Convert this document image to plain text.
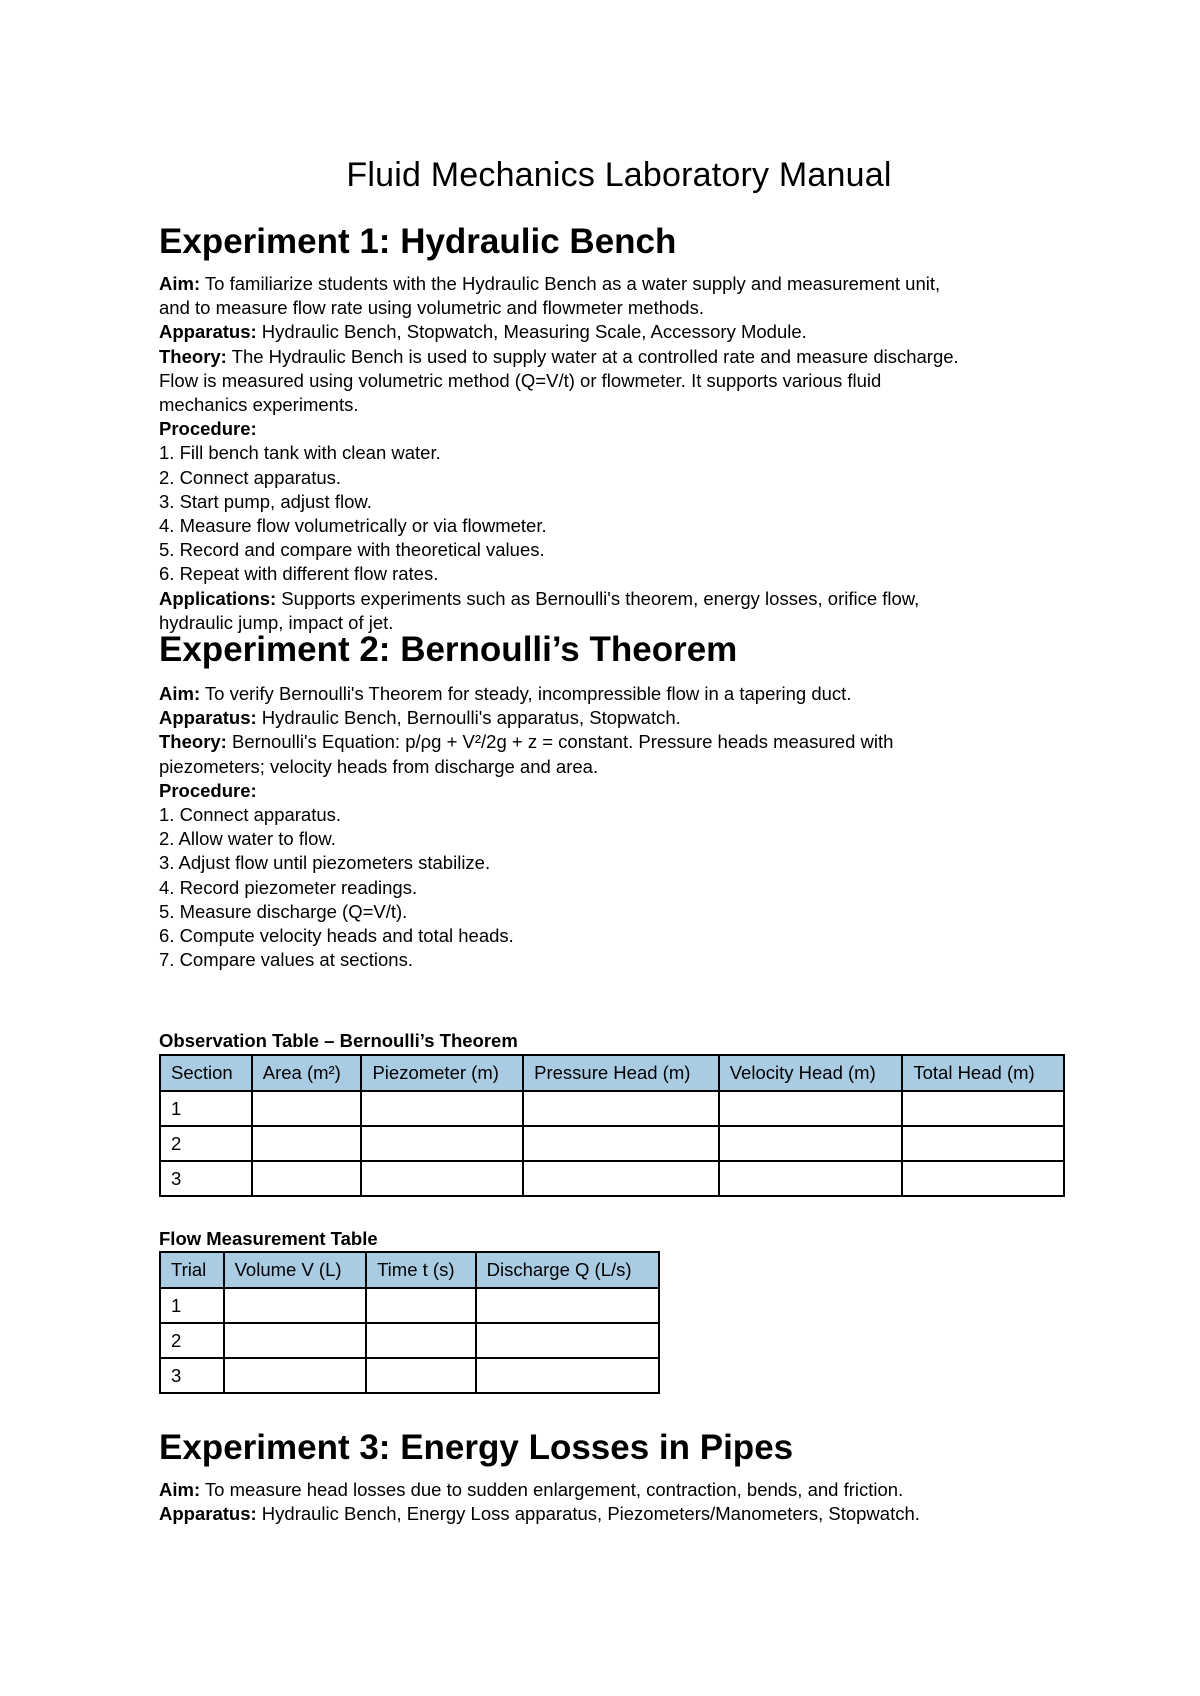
Fluid Mechanics Laboratory Manual
Experiment 1: Hydraulic Bench
Aim: To familiarize students with the Hydraulic Bench as a water supply and measurement unit,
and to measure flow rate using volumetric and flowmeter methods.
Apparatus: Hydraulic Bench, Stopwatch, Measuring Scale, Accessory Module.
Theory: The Hydraulic Bench is used to supply water at a controlled rate and measure discharge.
Flow is measured using volumetric method (Q=V/t) or flowmeter. It supports various fluid
mechanics experiments.
Procedure:
1. Fill bench tank with clean water.
2. Connect apparatus.
3. Start pump, adjust flow.
4. Measure flow volumetrically or via flowmeter.
5. Record and compare with theoretical values.
6. Repeat with different flow rates.
Applications: Supports experiments such as Bernoulli's theorem, energy losses, orifice flow,
hydraulic jump, impact of jet.
Experiment 2: Bernoulli’s Theorem
Aim: To verify Bernoulli's Theorem for steady, incompressible flow in a tapering duct.
Apparatus: Hydraulic Bench, Bernoulli's apparatus, Stopwatch.
Theory: Bernoulli's Equation: p/ρg + V²/2g + z = constant. Pressure heads measured with
piezometers; velocity heads from discharge and area.
Procedure:
1. Connect apparatus.
2. Allow water to flow.
3. Adjust flow until piezometers stabilize.
4. Record piezometer readings.
5. Measure discharge (Q=V/t).
6. Compute velocity heads and total heads.
7. Compare values at sections.
Observation Table – Bernoulli’s Theorem
Section	Area (m²)	Piezometer (m)	Pressure Head (m)	Velocity Head (m)	Total Head (m)
1					
2					
3					
Flow Measurement Table
Trial	Volume V (L)	Time t (s)	Discharge Q (L/s)
1			
2			
3			
Experiment 3: Energy Losses in Pipes
Aim: To measure head losses due to sudden enlargement, contraction, bends, and friction.
Apparatus: Hydraulic Bench, Energy Loss apparatus, Piezometers/Manometers, Stopwatch.
